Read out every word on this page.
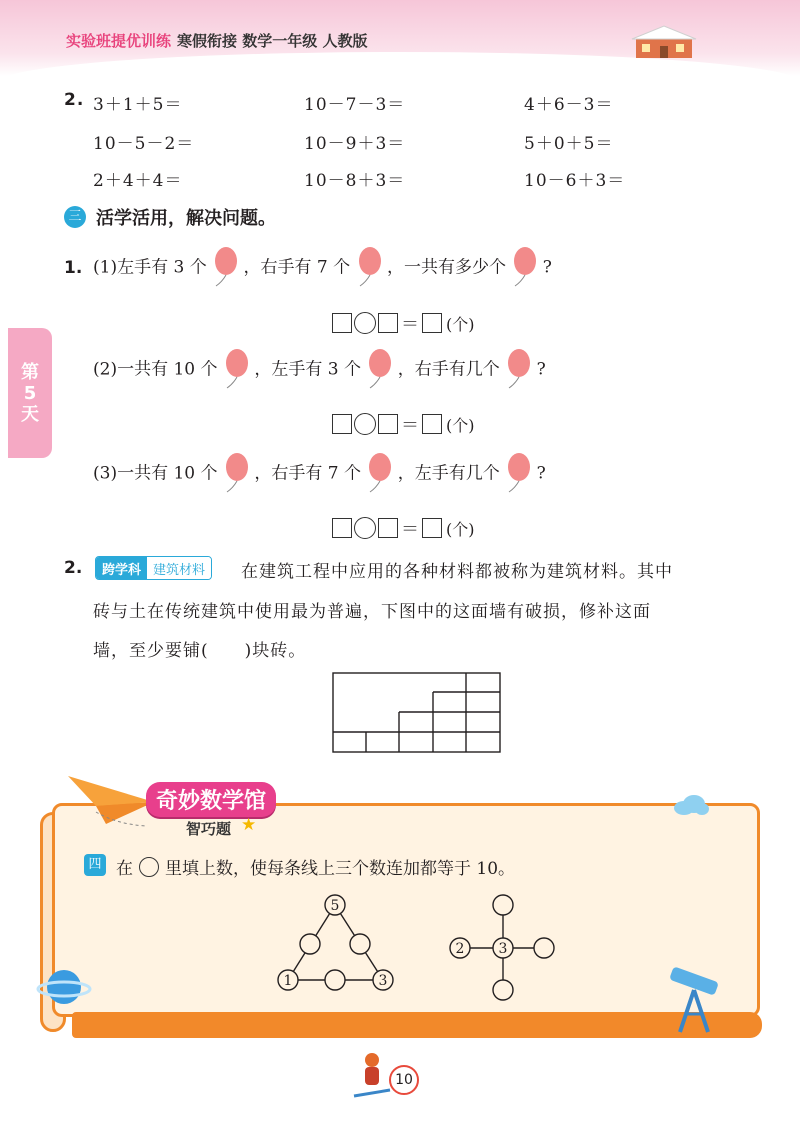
实验班提优训练 寒假衔接 数学一年级 人教版
第
5
天
2. 3＋1＋5＝	10－7－3＝	4＋6－3＝
10－5－2＝	10－9＋3＝	5＋0＋5＝
2＋4＋4＝	10－8＋3＝	10－6＋3＝
三 活学活用，解决问题。
1. (1)左手有 3 个 ，右手有 7 个 ，一共有多少个 ?
＝ (个)
(2)一共有 10 个 ，左手有 3 个 ，右手有几个 ?
＝ (个)
(3)一共有 10 个 ，右手有 7 个 ，左手有几个 ?
＝ (个)
2.	跨学科 建筑材料	在建筑工程中应用的各种材料都被称为建筑材料。其中
砖与土在传统建筑中使用最为普遍，下图中的这面墙有破损，修补这面
墙，至少要铺(　　)块砖。
奇妙数学馆
智巧题 ★
四 在 里填上数，使每条线上三个数连加都等于 10。
5
1	3
2 3
10
